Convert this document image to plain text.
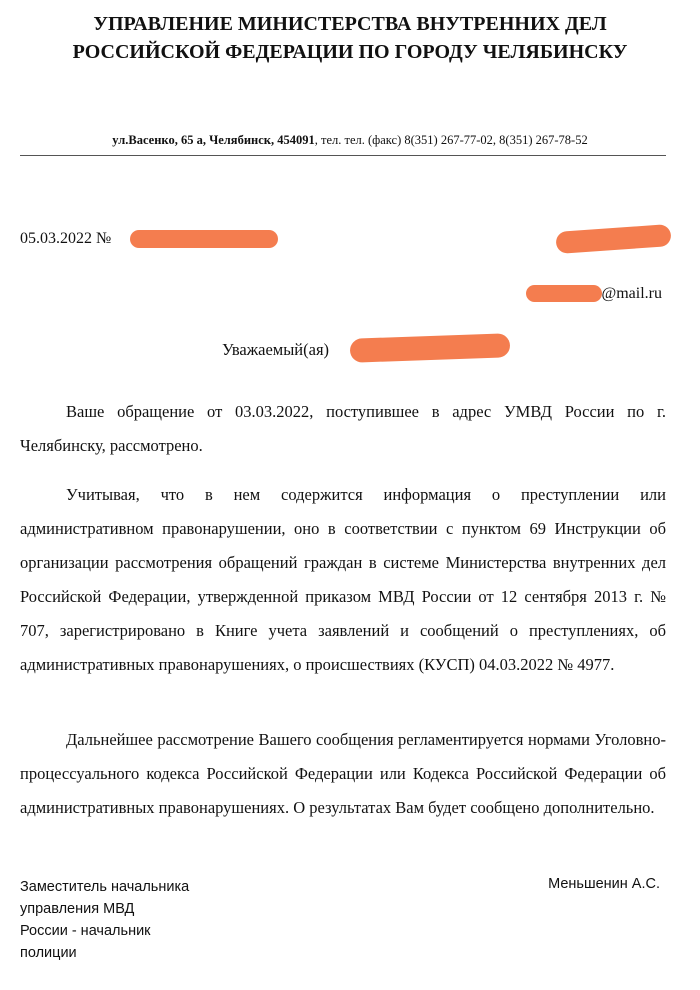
УПРАВЛЕНИЕ МИНИСТЕРСТВА ВНУТРЕННИХ ДЕЛ
РОССИЙСКОЙ ФЕДЕРАЦИИ ПО ГОРОДУ ЧЕЛЯБИНСКУ
ул.Васенко, 65 а, Челябинск, 454091, тел. тел. (факс) 8(351) 267-77-02, 8(351) 267-78-52
05.03.2022 №
@mail.ru
Уважаемый(ая)

Ваше обращение от 03.03.2022, поступившее в адрес УМВД России по г. Челябинску, рассмотрено.

Учитывая, что в нем содержится информация о преступлении или административном правонарушении, оно в соответствии с пунктом 69 Инструкции об организации рассмотрения обращений граждан в системе Министерства внутренних дел Российской Федерации, утвержденной приказом МВД России от 12 сентября 2013 г. № 707, зарегистрировано в Книге учета заявлений и сообщений о преступлениях, об административных правонарушениях, о происшествиях (КУСП) 04.03.2022 № 4977.

Дальнейшее рассмотрение Вашего сообщения регламентируется нормами Уголовно-процессуального кодекса Российской Федерации или Кодекса Российской Федерации об административных правонарушениях. О результатах Вам будет сообщено дополнительно.

Заместитель начальника
управления МВД
России - начальник
полиции
Меньшенин А.С.
